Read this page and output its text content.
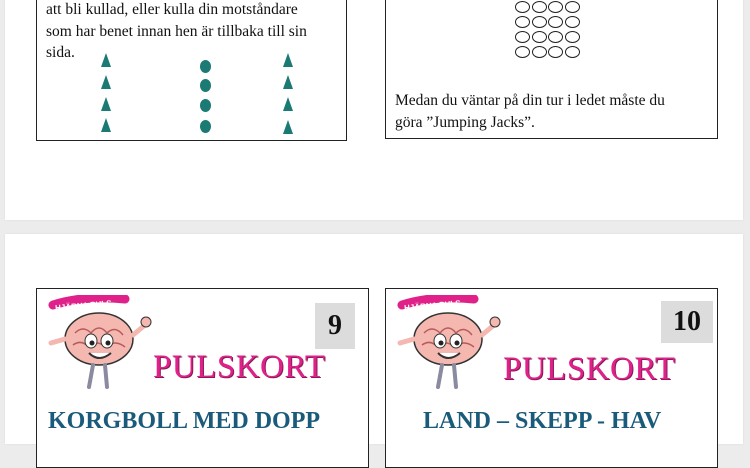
att bli kullad, eller kulla din motståndare
som har benet innan hen är tillbaka till sin
sida.

Medan du väntar på din tur i ledet måste du
göra ”Jumping Jacks”.

HJÄRNA PULS
9
PULSKORT
KORGBOLL MED DOPP
HJÄRNA PULS
10
PULSKORT
LAND – SKEPP - HAV
